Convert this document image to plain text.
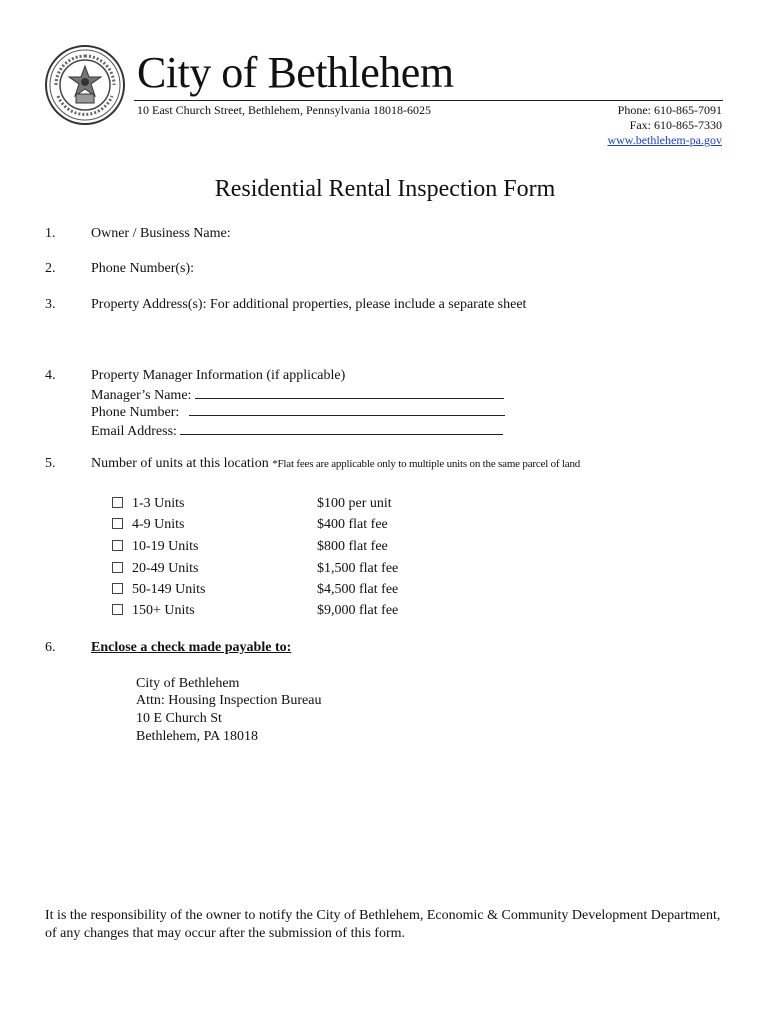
City of Bethlehem
10 East Church Street, Bethlehem, Pennsylvania 18018-6025	Phone: 610-865-7091
Fax: 610-865-7330
www.bethlehem-pa.gov
Residential Rental Inspection Form
1.	Owner / Business Name:
2.	Phone Number(s):
3.	Property Address(s): For additional properties, please include a separate sheet
4.	Property Manager Information (if applicable)
Manager’s Name:
Phone Number:
Email Address:
5.	Number of units at this location *Flat fees are applicable only to multiple units on the same parcel of land
1-3 Units	$100 per unit
4-9 Units	$400 flat fee
10-19 Units	$800 flat fee
20-49 Units	$1,500 flat fee
50-149 Units	$4,500 flat fee
150+ Units	$9,000 flat fee
6.	Enclose a check made payable to:
City of Bethlehem
Attn: Housing Inspection Bureau
10 E Church St
Bethlehem, PA 18018
It is the responsibility of the owner to notify the City of Bethlehem, Economic & Community Development Department, of any changes that may occur after the submission of this form.
